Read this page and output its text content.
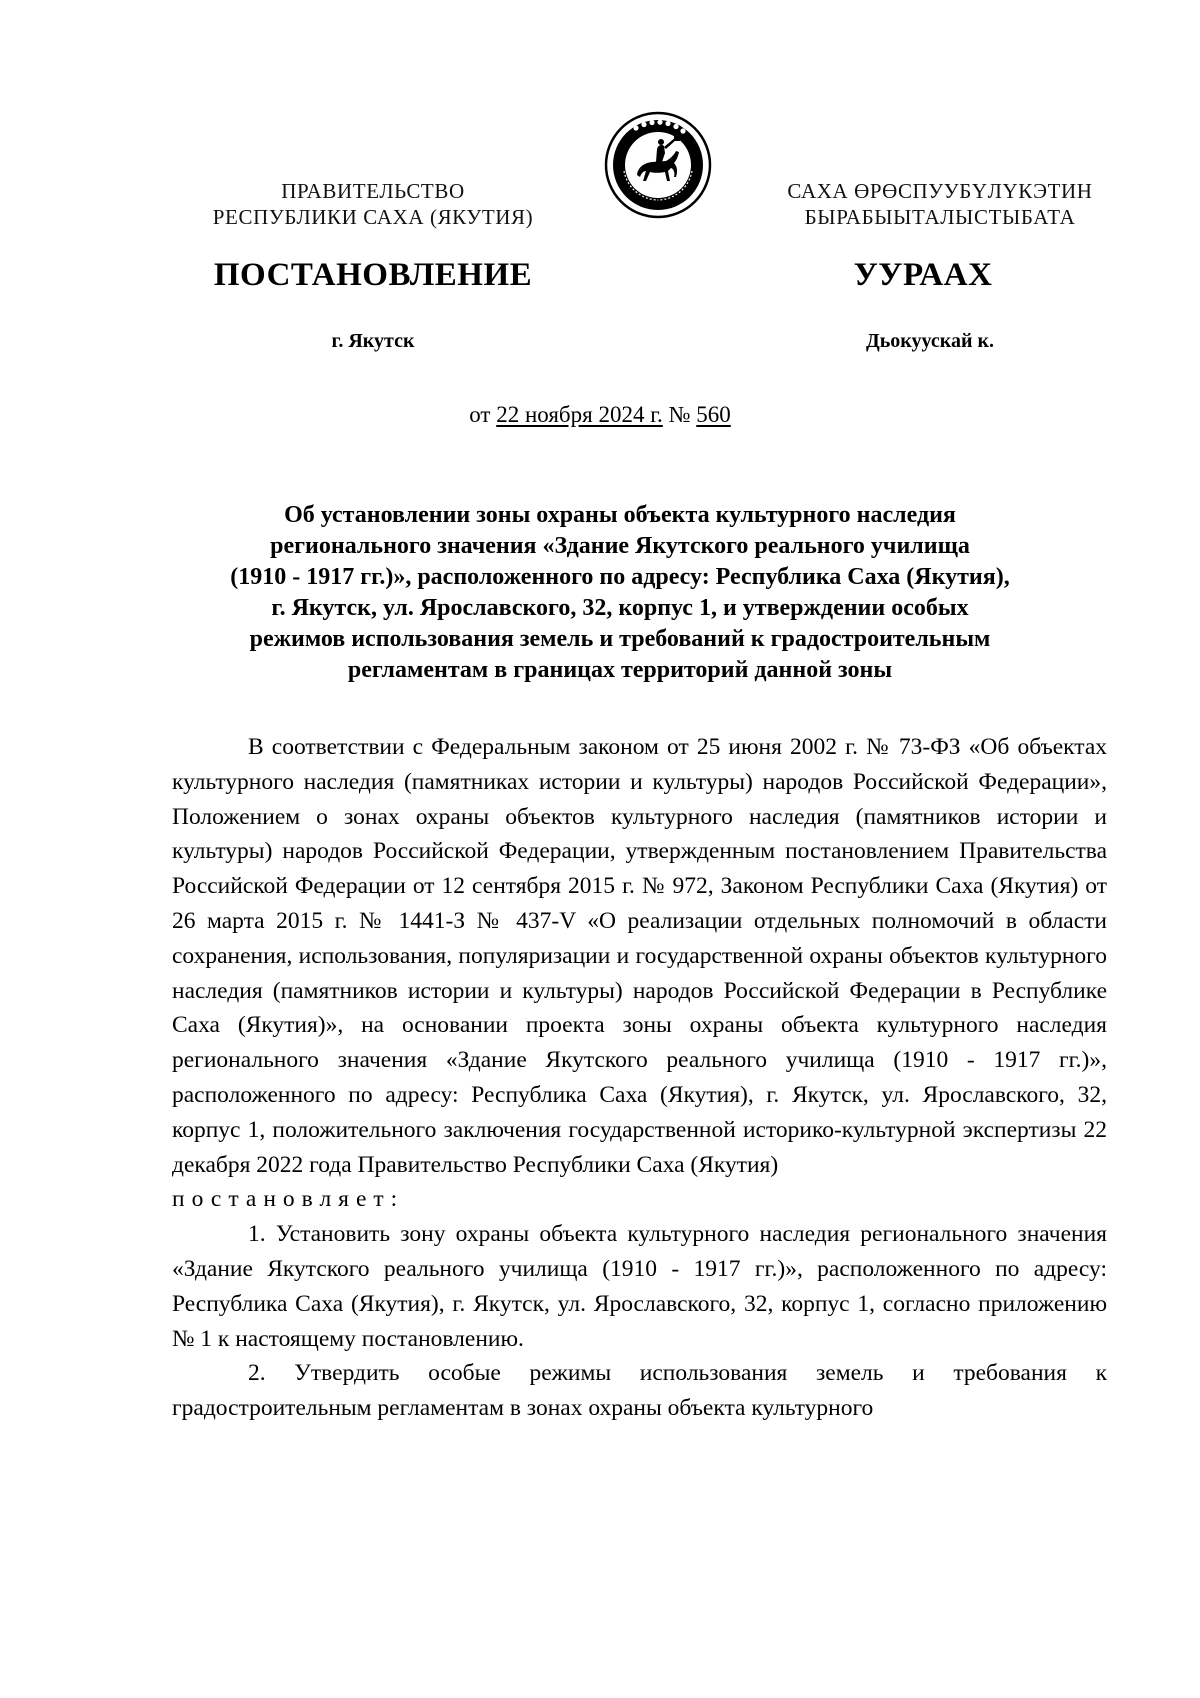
ПРАВИТЕЛЬСТВО
РЕСПУБЛИКИ САХА (ЯКУТИЯ)
САХА ӨРӨСПУУБҮЛҮКЭТИН
БЫРАБЫЫТАЛЫСТЫБАТА
ПОСТАНОВЛЕНИЕ	УУРААХ
г. Якутск	Дьокуускай к.
от 22 ноября 2024 г. № 560
Об установлении зоны охраны объекта культурного наследия
регионального значения «Здание Якутского реального училища
(1910 - 1917 гг.)», расположенного по адресу: Республика Саха (Якутия),
г. Якутск, ул. Ярославского, 32, корпус 1, и утверждении особых
режимов использования земель и требований к градостроительным
регламентам в границах территорий данной зоны

В соответствии с Федеральным законом от 25 июня 2002 г. № 73-ФЗ «Об объектах культурного наследия (памятниках истории и культуры) народов Российской Федерации», Положением о зонах охраны объектов культурного наследия (памятников истории и культуры) народов Российской Федерации, утвержденным постановлением Правительства Российской Федерации от 12 сентября 2015 г. № 972, Законом Республики Саха (Якутия) от 26 марта 2015 г. № 1441-З № 437-V «О реализации отдельных полномочий в области сохранения, использования, популяризации и государственной охраны объектов культурного наследия (памятников истории и культуры) народов Российской Федерации в Республике Саха (Якутия)», на основании проекта зоны охраны объекта культурного наследия регионального значения «Здание Якутского реального училища (1910 - 1917 гг.)», расположенного по адресу: Республика Саха (Якутия), г. Якутск, ул. Ярославского, 32, корпус 1, положительного заключения государственной историко-культурной экспертизы 22 декабря 2022 года Правительство Республики Саха (Якутия)

постановляет:

1. Установить зону охраны объекта культурного наследия регионального значения «Здание Якутского реального училища (1910 - 1917 гг.)», расположенного по адресу: Республика Саха (Якутия), г. Якутск, ул. Ярославского, 32, корпус 1, согласно приложению № 1 к настоящему постановлению.

2. Утвердить особые режимы использования земель и требования к градостроительным регламентам в зонах охраны объекта культурного
